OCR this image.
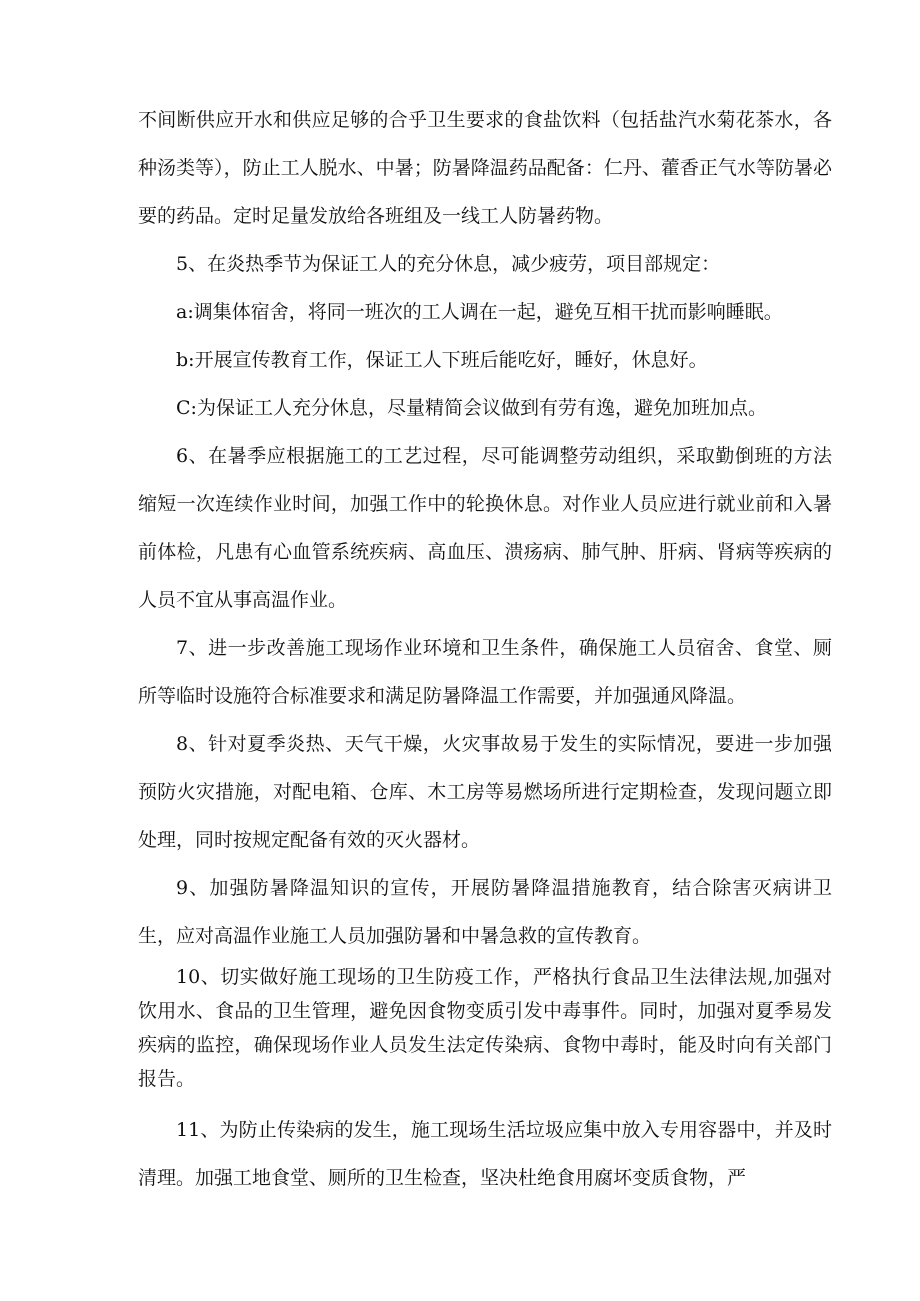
不间断供应开水和供应足够的合乎卫生要求的食盐饮料（包括盐汽水菊花茶水，各种汤类等），防止工人脱水、中暑；防暑降温药品配备：仁丹、藿香正气水等防暑必要的药品。定时足量发放给各班组及一线工人防暑药物。

5、在炎热季节为保证工人的充分休息，减少疲劳，项目部规定：

a:调集体宿舍，将同一班次的工人调在一起，避免互相干扰而影响睡眠。

b:开展宣传教育工作，保证工人下班后能吃好，睡好，休息好。

C:为保证工人充分休息，尽量精简会议做到有劳有逸，避免加班加点。

6、在暑季应根据施工的工艺过程，尽可能调整劳动组织，采取勤倒班的方法缩短一次连续作业时间，加强工作中的轮换休息。对作业人员应进行就业前和入暑前体检，凡患有心血管系统疾病、高血压、溃疡病、肺气肿、肝病、肾病等疾病的人员不宜从事高温作业。

7、进一步改善施工现场作业环境和卫生条件，确保施工人员宿舍、食堂、厕所等临时设施符合标准要求和满足防暑降温工作需要，并加强通风降温。

8、针对夏季炎热、天气干燥，火灾事故易于发生的实际情况，要进一步加强预防火灾措施，对配电箱、仓库、木工房等易燃场所进行定期检查，发现问题立即处理，同时按规定配备有效的灭火器材。

9、加强防暑降温知识的宣传，开展防暑降温措施教育，结合除害灭病讲卫生，应对高温作业施工人员加强防暑和中暑急救的宣传教育。

10、切实做好施工现场的卫生防疫工作，严格执行食品卫生法律法规,加强对饮用水、食品的卫生管理，避免因食物变质引发中毒事件。同时，加强对夏季易发疾病的监控，确保现场作业人员发生法定传染病、食物中毒时，能及时向有关部门报告。

11、为防止传染病的发生，施工现场生活垃圾应集中放入专用容器中，并及时清理。加强工地食堂、厕所的卫生检查，坚决杜绝食用腐坏变质食物，严
